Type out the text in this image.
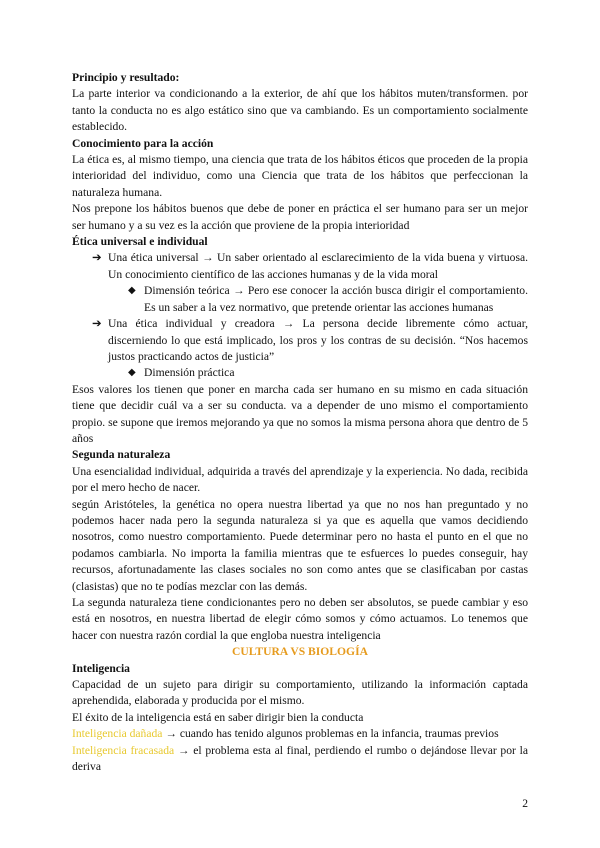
Principio y resultado:

La parte interior va condicionando a la exterior, de ahí que los hábitos muten/transformen. por tanto la conducta no es algo estático sino que va cambiando. Es un comportamiento socialmente establecido.

Conocimiento para la acción

La ética es, al mismo tiempo, una ciencia que trata de los hábitos éticos que proceden de la propia interioridad del individuo, como una Ciencia que trata de los hábitos que perfeccionan la naturaleza humana.

Nos prepone los hábitos buenos que debe de poner en práctica el ser humano para ser un mejor ser humano y a su vez es la acción que proviene de la propia interioridad

Ética universal e individual

➔ Una ética universal → Un saber orientado al esclarecimiento de la vida buena y virtuosa. Un conocimiento científico de las acciones humanas y de la vida moral
◆ Dimensión teórica → Pero ese conocer la acción busca dirigir el comportamiento. Es un saber a la vez normativo, que pretende orientar las acciones humanas
➔ Una ética individual y creadora → La persona decide libremente cómo actuar, discerniendo lo que está implicado, los pros y los contras de su decisión. “Nos hacemos justos practicando actos de justicia”
◆ Dimensión práctica

Esos valores los tienen que poner en marcha cada ser humano en su mismo en cada situación tiene que decidir cuál va a ser su conducta. va a depender de uno mismo el comportamiento propio. se supone que iremos mejorando ya que no somos la misma persona ahora que dentro de 5 años

Segunda naturaleza

Una esencialidad individual, adquirida a través del aprendizaje y la experiencia. No dada, recibida por el mero hecho de nacer.

según Aristóteles, la genética no opera nuestra libertad ya que no nos han preguntado y no podemos hacer nada pero la segunda naturaleza si ya que es aquella que vamos decidiendo nosotros, como nuestro comportamiento. Puede determinar pero no hasta el punto en el que no podamos cambiarla. No importa la familia mientras que te esfuerces lo puedes conseguir, hay recursos, afortunadamente las clases sociales no son como antes que se clasificaban por castas (clasistas) que no te podías mezclar con las demás.

La segunda naturaleza tiene condicionantes pero no deben ser absolutos, se puede cambiar y eso está en nosotros, en nuestra libertad de elegir cómo somos y cómo actuamos. Lo tenemos que hacer con nuestra razón cordial la que engloba nuestra inteligencia

CULTURA VS BIOLOGÍA

Inteligencia

Capacidad de un sujeto para dirigir su comportamiento, utilizando la información captada aprehendida, elaborada y producida por el mismo.

El éxito de la inteligencia está en saber dirigir bien la conducta

Inteligencia dañada → cuando has tenido algunos problemas en la infancia, traumas previos

Inteligencia fracasada → el problema esta al final, perdiendo el rumbo o dejándose llevar por la deriva

2
